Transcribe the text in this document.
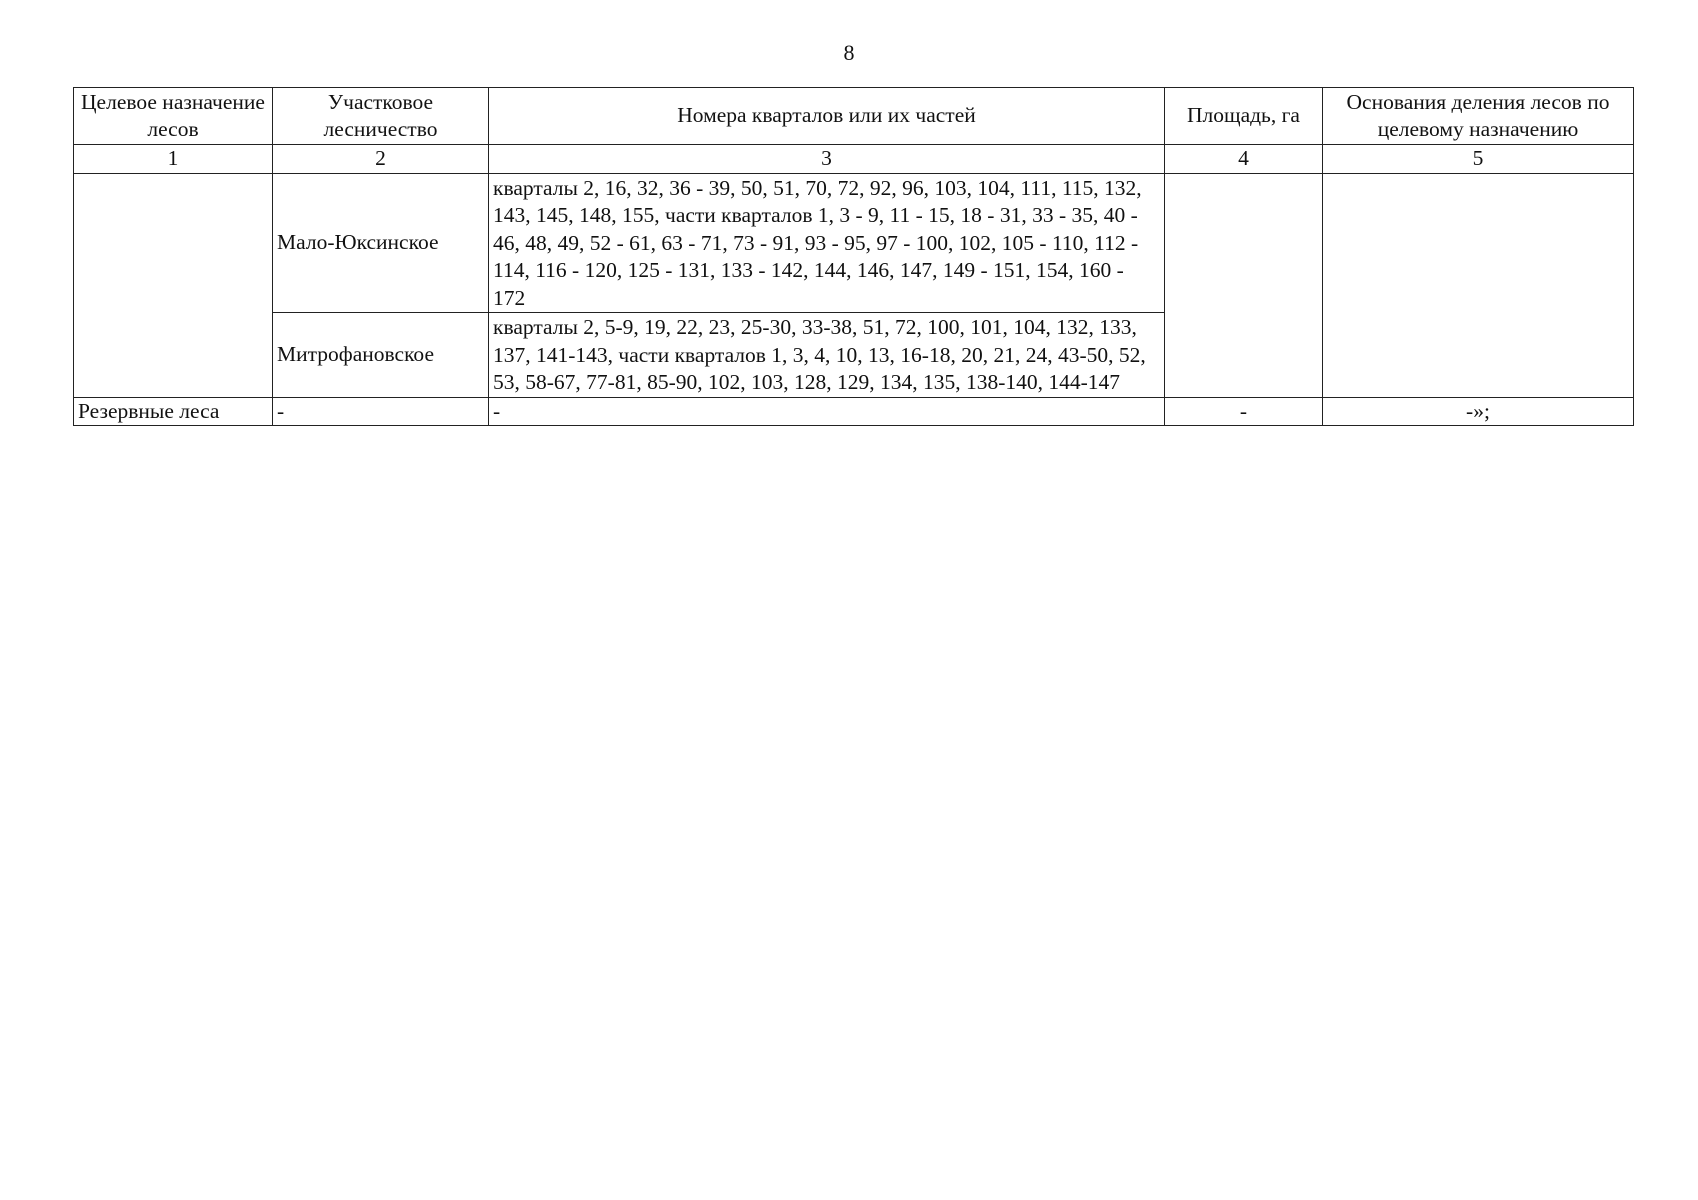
8
Целевое назначение лесов	Участковое лесничество	Номера кварталов или их частей	Площадь, га	Основания деления лесов по целевому назначению
1	2	3	4	5
	Мало-Юксинское	кварталы 2, 16, 32, 36 - 39, 50, 51, 70, 72, 92, 96, 103, 104, 111, 115, 132, 143, 145, 148, 155, части кварталов 1, 3 - 9, 11 - 15, 18 - 31, 33 - 35, 40 - 46, 48, 49, 52 - 61, 63 - 71, 73 - 91, 93 - 95, 97 - 100, 102, 105 - 110, 112 - 114, 116 - 120, 125 - 131, 133 - 142, 144, 146, 147, 149 - 151, 154, 160 - 172		
	Митрофановское	кварталы 2, 5-9, 19, 22, 23, 25-30, 33-38, 51, 72, 100, 101, 104, 132, 133, 137, 141-143, части кварталов 1, 3, 4, 10, 13, 16-18, 20, 21, 24, 43-50, 52, 53, 58-67, 77-81, 85-90, 102, 103, 128, 129, 134, 135, 138-140, 144-147		
Резервные леса	-	-	-	-»;
